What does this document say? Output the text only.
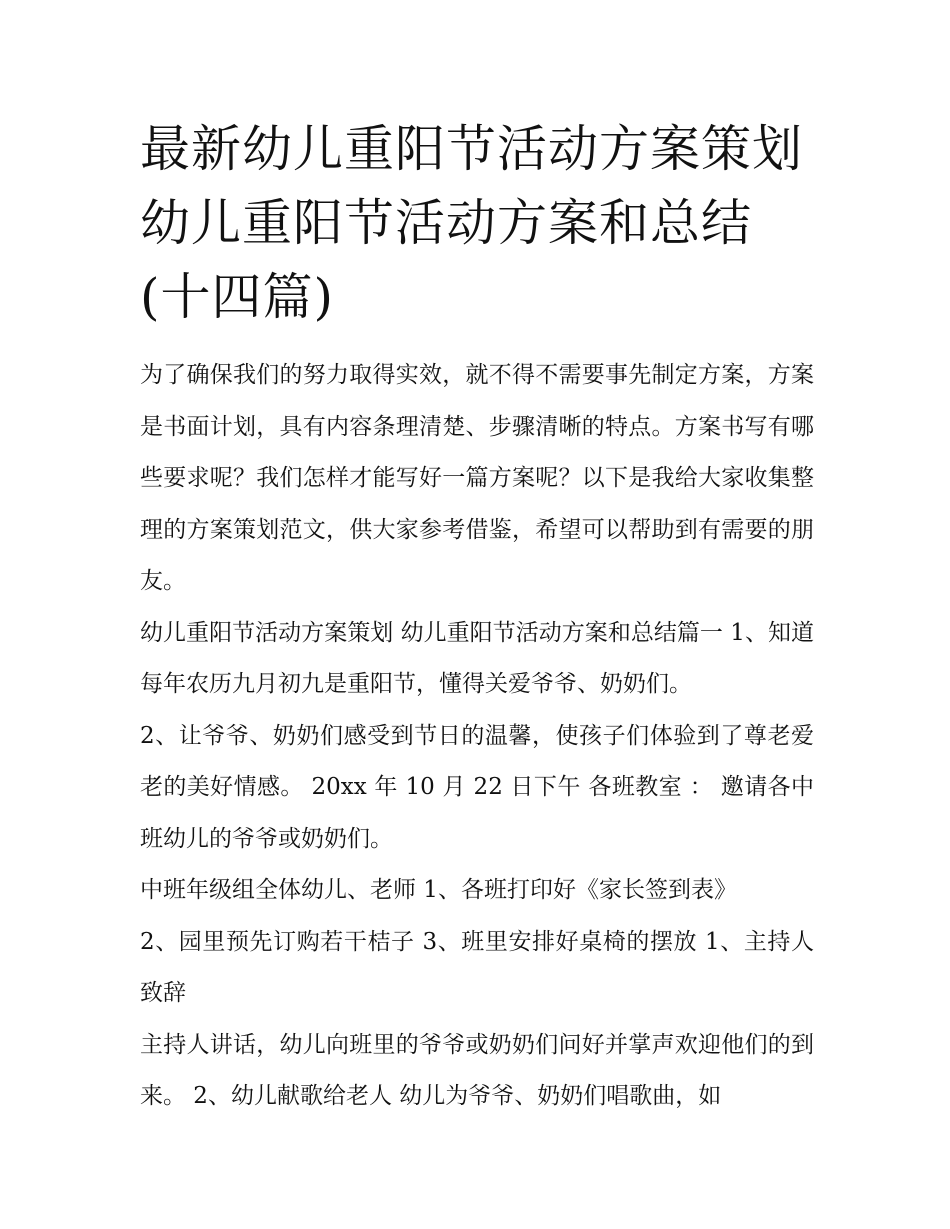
最新幼儿重阳节活动方案策划 幼儿重阳节活动方案和总结(十四篇)

为了确保我们的努力取得实效，就不得不需要事先制定方案，方案是书面计划，具有内容条理清楚、步骤清晰的特点。方案书写有哪些要求呢？我们怎样才能写好一篇方案呢？以下是我给大家收集整理的方案策划范文，供大家参考借鉴，希望可以帮助到有需要的朋友。

幼儿重阳节活动方案策划 幼儿重阳节活动方案和总结篇一 1、知道每年农历九月初九是重阳节，懂得关爱爷爷、奶奶们。

2、让爷爷、奶奶们感受到节日的温馨，使孩子们体验到了尊老爱老的美好情感。 20xx 年 10 月 22 日下午 各班教室 ： 邀请各中班幼儿的爷爷或奶奶们。

中班年级组全体幼儿、老师 1、各班打印好《家长签到表》

2、园里预先订购若干桔子 3、班里安排好桌椅的摆放 1、主持人致辞

主持人讲话，幼儿向班里的爷爷或奶奶们问好并掌声欢迎他们的到来。 2、幼儿献歌给老人 幼儿为爷爷、奶奶们唱歌曲，如
